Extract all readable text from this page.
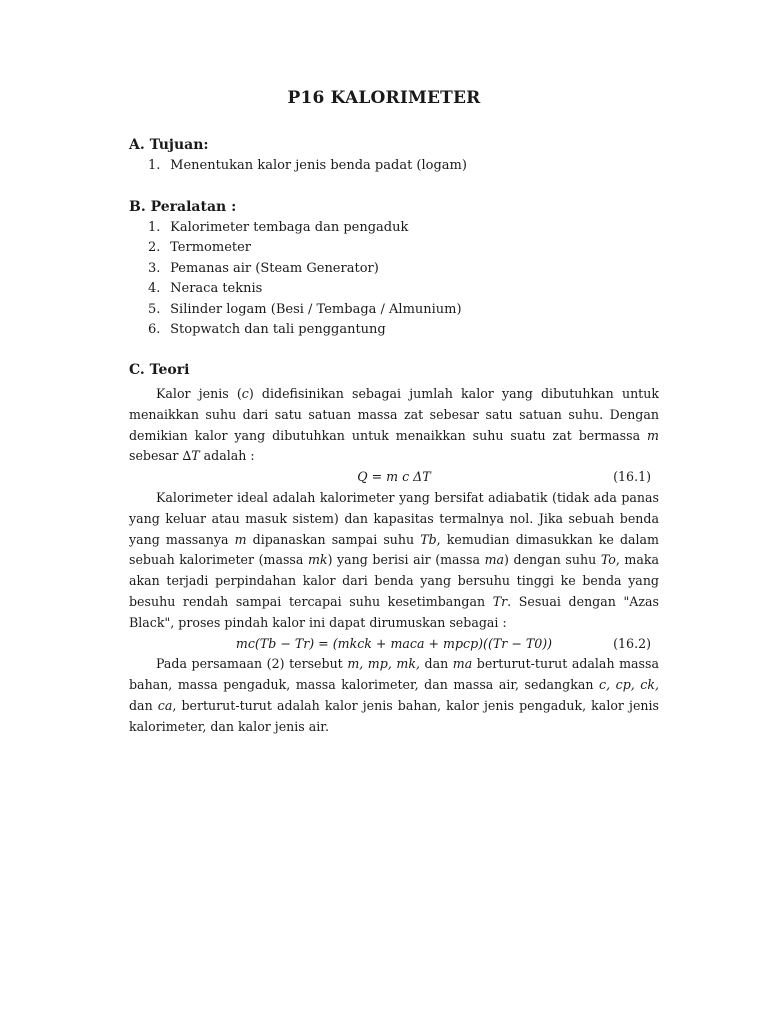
P16 KALORIMETER
A. Tujuan:
1. Menentukan kalor jenis benda padat (logam)
B. Peralatan :
1. Kalorimeter tembaga dan pengaduk
2. Termometer
3. Pemanas air (Steam Generator)
4. Neraca teknis
5. Silinder logam (Besi / Tembaga / Almunium)
6. Stopwatch dan tali penggantung
C. Teori

Kalor jenis (c) didefisinikan sebagai jumlah kalor yang dibutuhkan untuk menaikkan suhu dari satu satuan massa zat sebesar satu satuan suhu. Dengan demikian kalor yang dibutuhkan untuk menaikkan suhu suatu zat bermassa m sebesar ∆T adalah :

Q = m c ΔT	(16.1)

Kalorimeter ideal adalah kalorimeter yang bersifat adiabatik (tidak ada panas yang keluar atau masuk sistem) dan kapasitas termalnya nol. Jika sebuah benda yang massanya m dipanaskan sampai suhu Tb, kemudian dimasukkan ke dalam sebuah kalorimeter (massa mk) yang berisi air (massa ma) dengan suhu To, maka akan terjadi perpindahan kalor dari benda yang bersuhu tinggi ke benda yang besuhu rendah sampai tercapai suhu kesetimbangan Tr. Sesuai dengan "Azas Black", proses pindah kalor ini dapat dirumuskan sebagai :

mc(Tb − Tr) = (mkck + maca + mpcp)((Tr − T0))	(16.2)

Pada persamaan (2) tersebut m, mp, mk, dan ma berturut-turut adalah massa bahan, massa pengaduk, massa kalorimeter, dan massa air, sedangkan c, cp, ck, dan ca, berturut-turut adalah kalor jenis bahan, kalor jenis pengaduk, kalor jenis kalorimeter, dan kalor jenis air.
